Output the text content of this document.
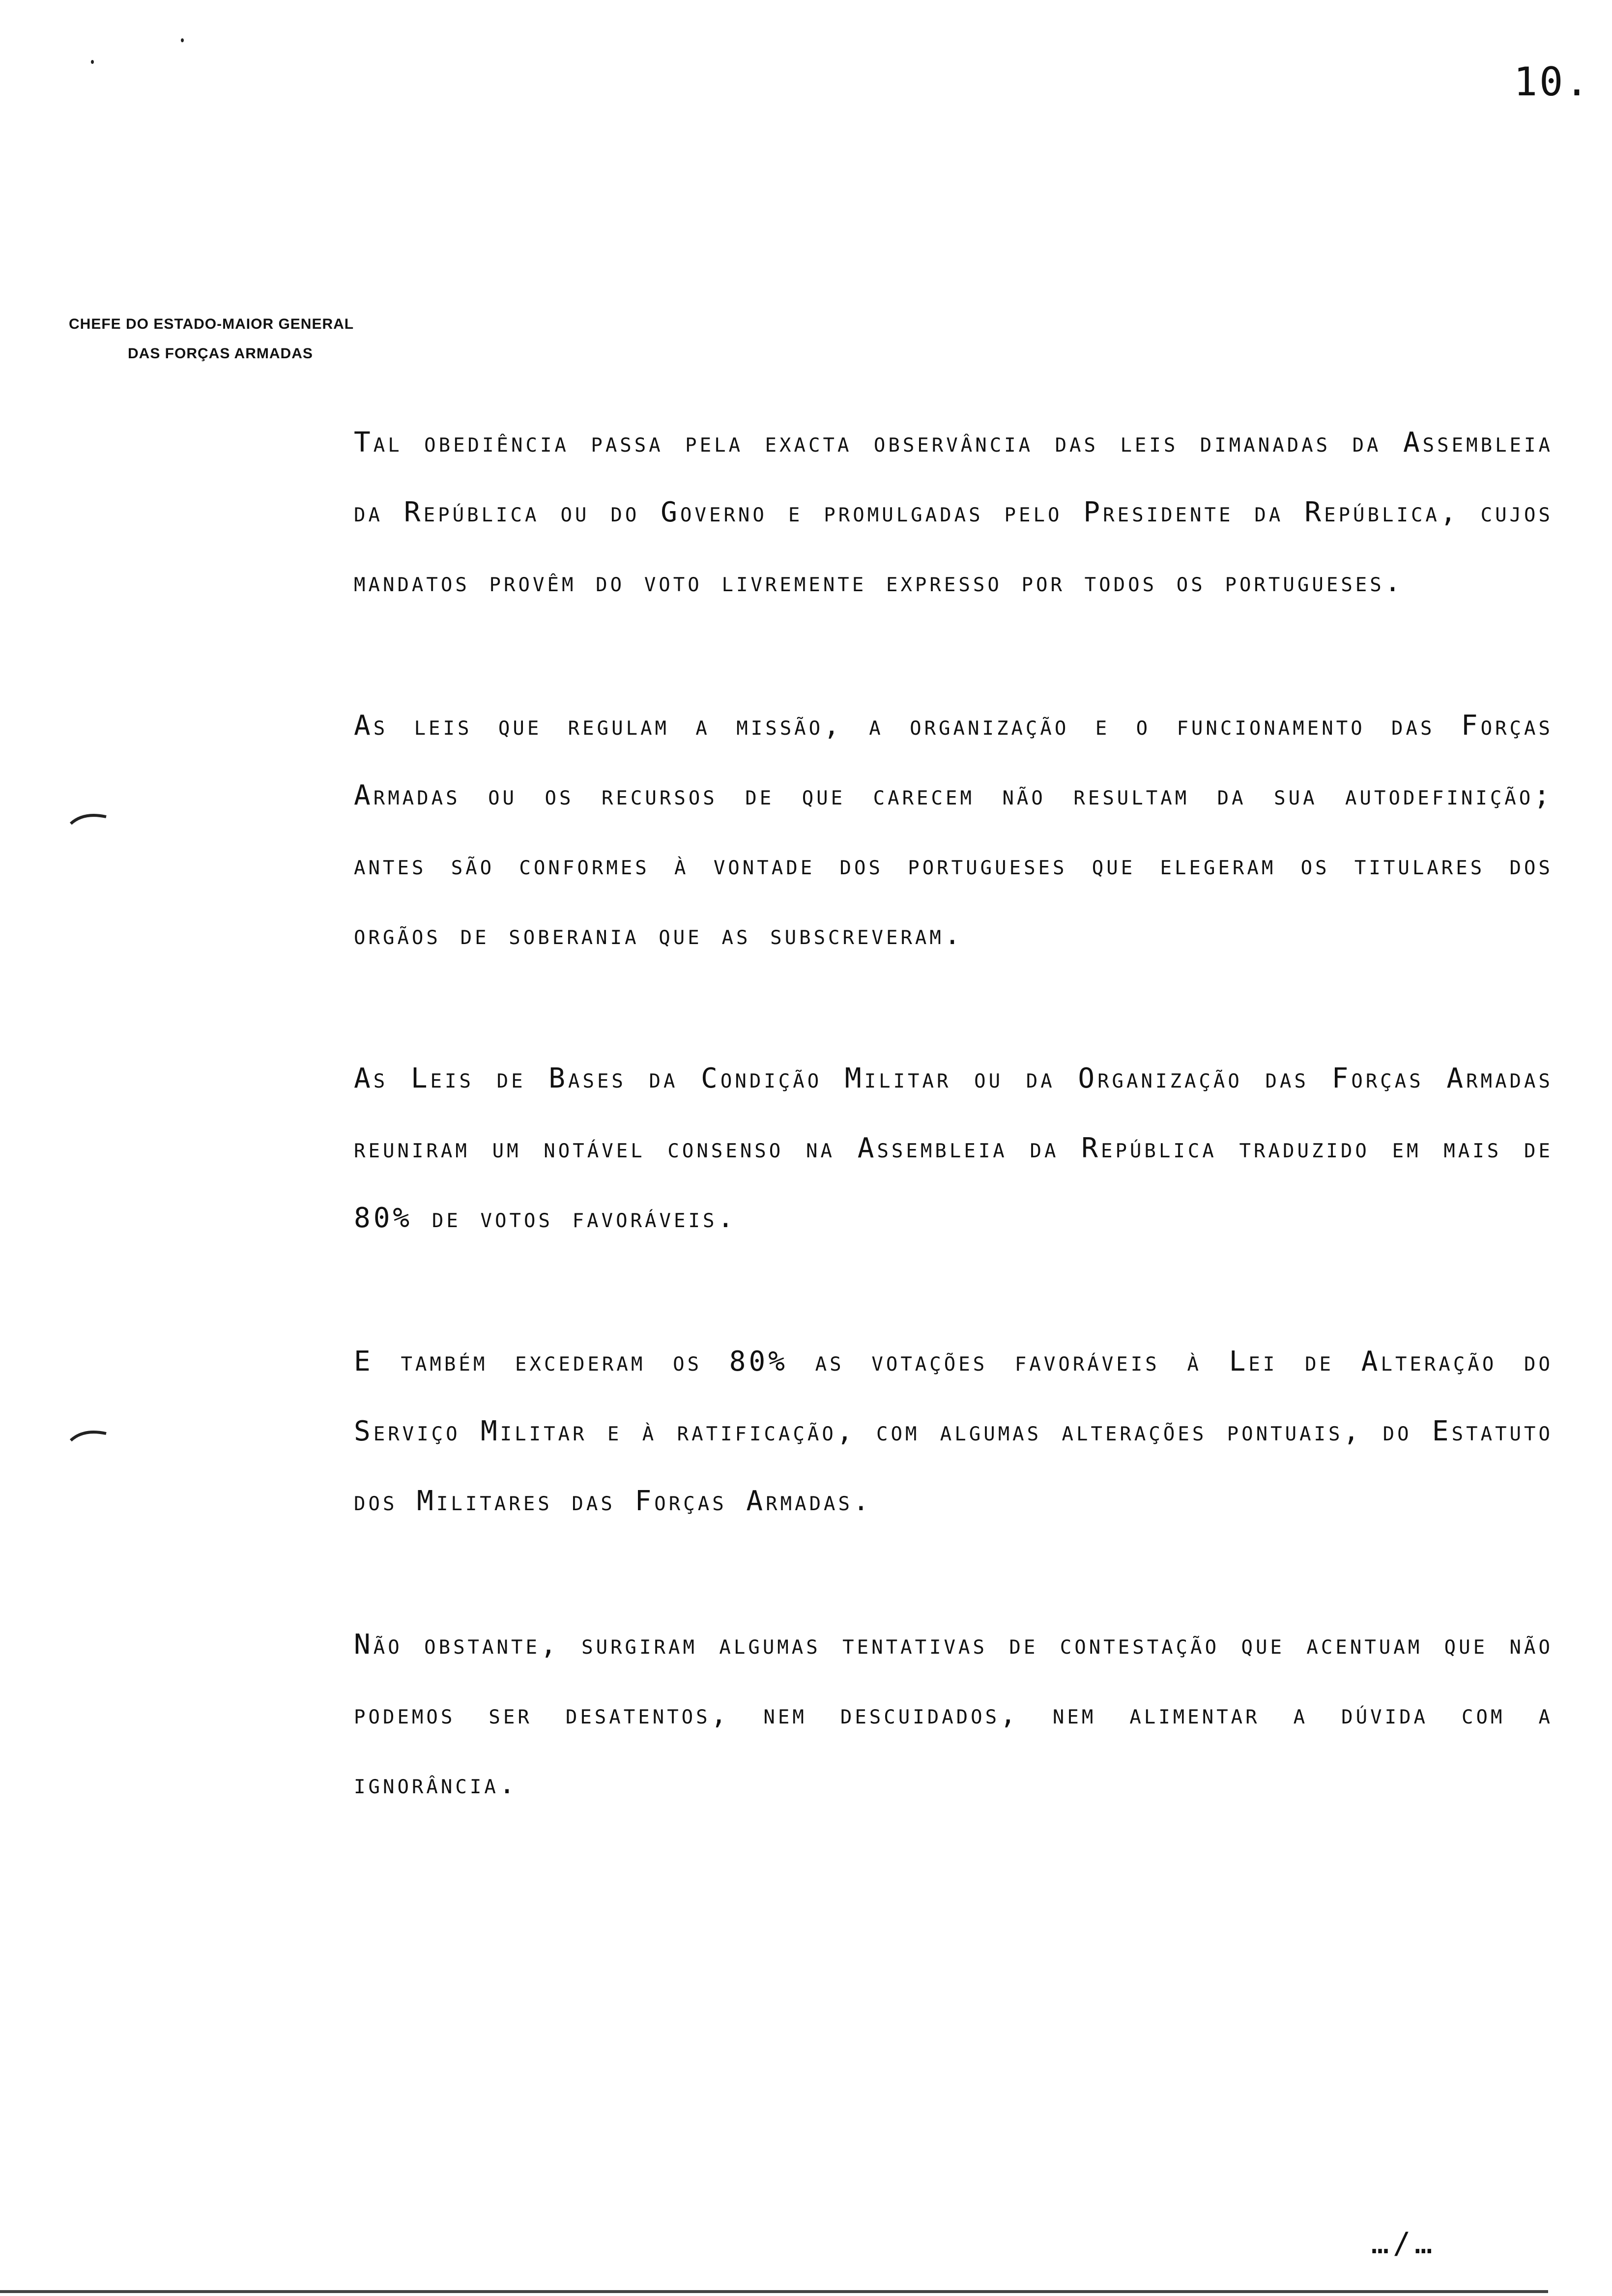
10.
CHEFE DO ESTADO-MAIOR GENERAL
DAS FORÇAS ARMADAS

Tal obediência passa pela exacta observância das leis dimanadas da Assembleia da República ou do Governo e promulgadas pelo Presidente da República, cujos mandatos provêm do voto livremente expresso por todos os portugueses.

As leis que regulam a missão, a organização e o funcionamento das Forças Armadas ou os recursos de que carecem não resultam da sua autodefinição; antes são conformes à vontade dos portugueses que elegeram os titulares dos orgãos de soberania que as subscreveram.

As Leis de Bases da Condição Militar ou da Organização das Forças Armadas reuniram um notável consenso na Assembleia da República traduzido em mais de 80% de votos favoráveis.

E também excederam os 80% as votações favoráveis à Lei de Alteração do Serviço Militar e à ratificação, com algumas alterações pontuais, do Estatuto dos Militares das Forças Armadas.

Não obstante, surgiram algumas tentativas de contestação que acentuam que não podemos ser desatentos, nem descuidados, nem alimentar a dúvida com a ignorância.

…/…
